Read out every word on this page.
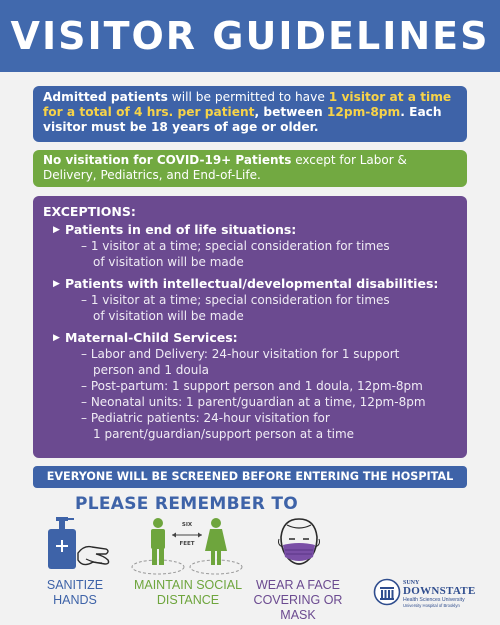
VISITOR GUIDELINES

Admitted patients will be permitted to have 1 visitor at a time for a total of 4 hrs. per patient, between 12pm-8pm. Each visitor must be 18 years of age or older.

No visitation for COVID-19+ Patients except for Labor & Delivery, Pediatrics, and End-of-Life.

EXCEPTIONS:
▶ Patients in end of life situations:
– 1 visitor at a time; special consideration for times
of visitation will be made
▶ Patients with intellectual/developmental disabilities:
– 1 visitor at a time; special consideration for times
of visitation will be made
▶ Maternal-Child Services:
– Labor and Delivery: 24-hour visitation for 1 support
person and 1 doula
– Post-partum: 1 support person and 1 doula, 12pm-8pm
– Neonatal units: 1 parent/guardian at a time, 12pm-8pm
– Pediatric patients: 24-hour visitation for
1 parent/guardian/support person at a time
EVERYONE WILL BE SCREENED BEFORE ENTERING THE HOSPITAL
PLEASE REMEMBER TO
SANITIZE
HANDS
SIX
FEET
MAINTAIN SOCIAL
DISTANCE
WEAR A FACE
COVERING OR MASK
SUNY
DOWNSTATE
Health Sciences University
University Hospital of Brooklyn
